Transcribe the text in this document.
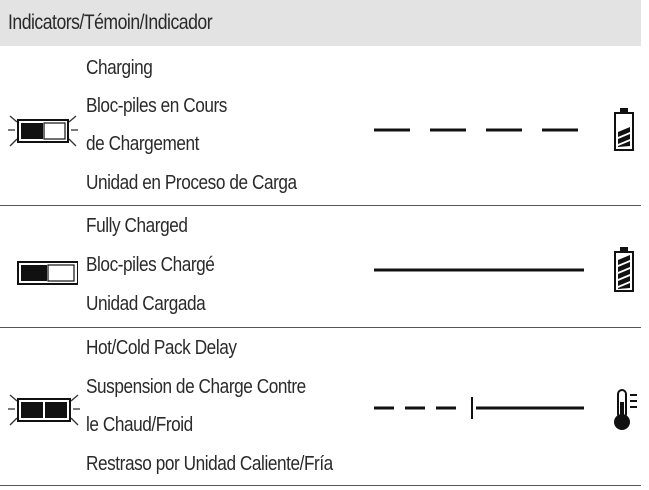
Indicators/Témoin/Indicador
Charging
Bloc-piles en Cours
de Chargement
Unidad en Proceso de Carga
Fully Charged
Bloc-piles Chargé
Unidad Cargada
Hot/Cold Pack Delay
Suspension de Charge Contre
le Chaud/Froid
Restraso por Unidad Caliente/Fría
